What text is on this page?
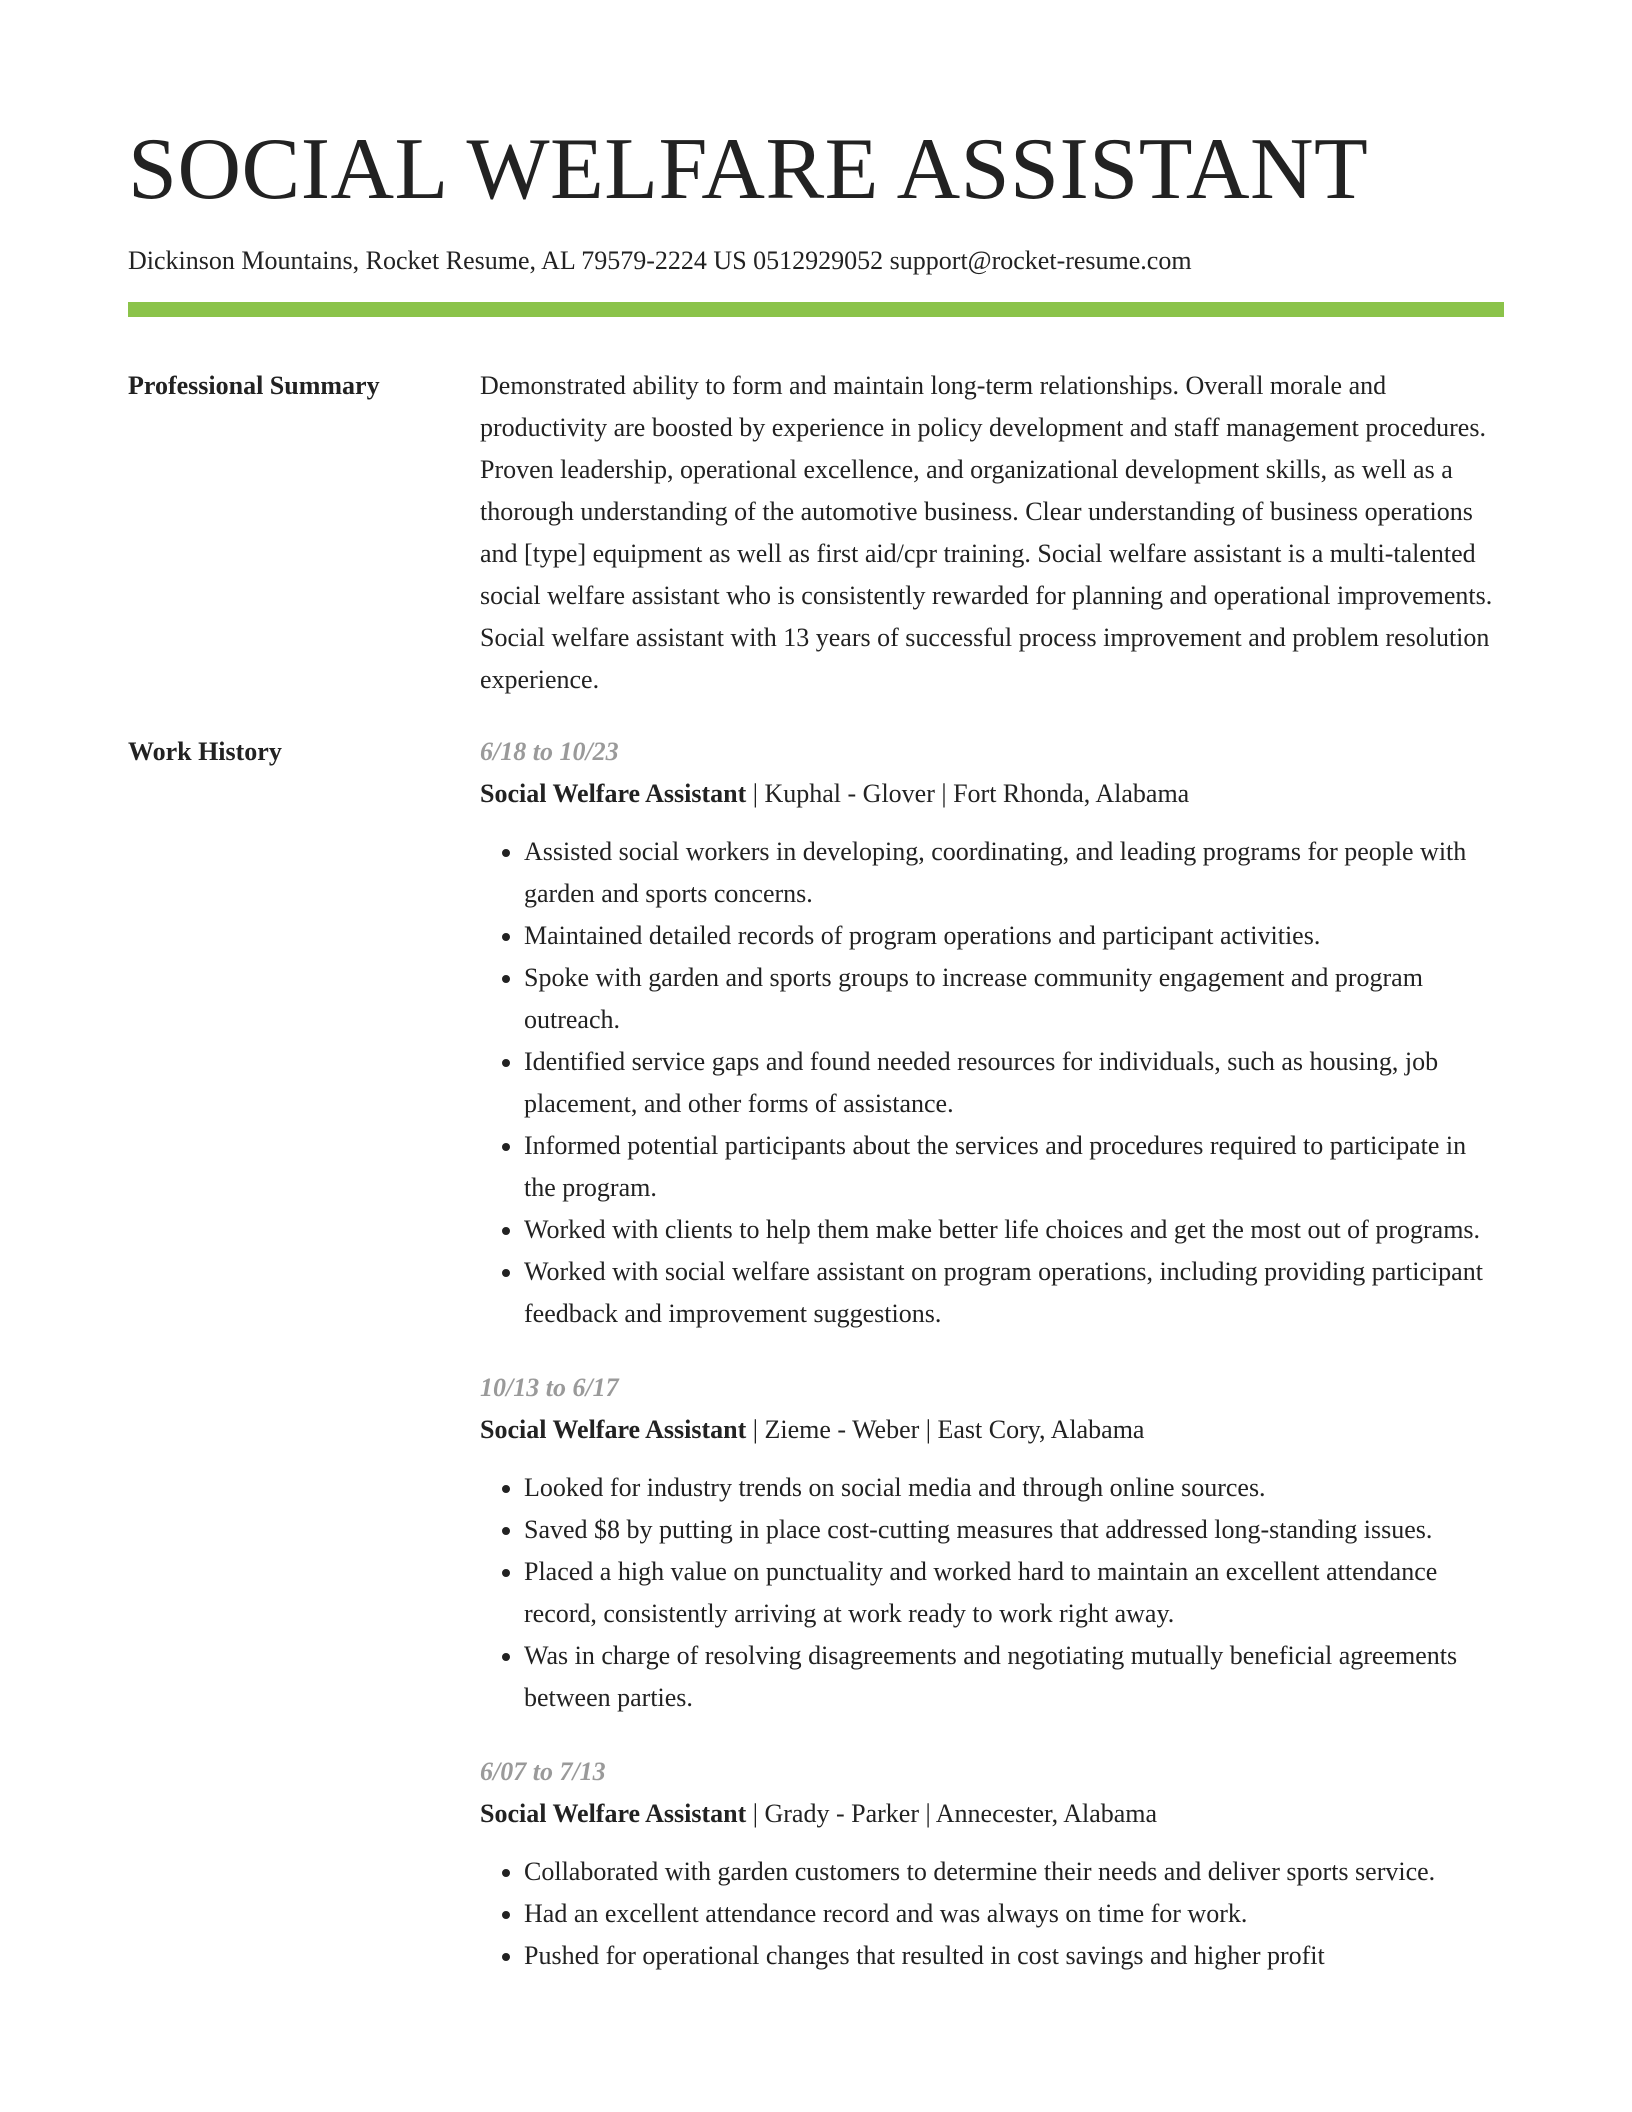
SOCIAL WELFARE ASSISTANT
Dickinson Mountains, Rocket Resume, AL 79579-2224 US 0512929052 support@rocket-resume.com
Professional Summary	Demonstrated ability to form and maintain long-term relationships. Overall morale and productivity are boosted by experience in policy development and staff management procedures. Proven leadership, operational excellence, and organizational development skills, as well as a thorough understanding of the automotive business. Clear understanding of business operations and [type] equipment as well as first aid/cpr training. Social welfare assistant is a multi-talented social welfare assistant who is consistently rewarded for planning and operational improvements. Social welfare assistant with 13 years of successful process improvement and problem resolution experience.

Work History	6/18 to 10/23
Social Welfare Assistant | Kuphal - Glover | Fort Rhonda, Alabama
• Assisted social workers in developing, coordinating, and leading programs for people with garden and sports concerns.
• Maintained detailed records of program operations and participant activities.
• Spoke with garden and sports groups to increase community engagement and program outreach.
• Identified service gaps and found needed resources for individuals, such as housing, job placement, and other forms of assistance.
• Informed potential participants about the services and procedures required to participate in the program.
• Worked with clients to help them make better life choices and get the most out of programs.
• Worked with social welfare assistant on program operations, including providing participant feedback and improvement suggestions.
10/13 to 6/17
Social Welfare Assistant | Zieme - Weber | East Cory, Alabama
• Looked for industry trends on social media and through online sources.
• Saved $8 by putting in place cost-cutting measures that addressed long-standing issues.
• Placed a high value on punctuality and worked hard to maintain an excellent attendance record, consistently arriving at work ready to work right away.
• Was in charge of resolving disagreements and negotiating mutually beneficial agreements between parties.
6/07 to 7/13
Social Welfare Assistant | Grady - Parker | Annecester, Alabama
• Collaborated with garden customers to determine their needs and deliver sports service.
• Had an excellent attendance record and was always on time for work.
• Pushed for operational changes that resulted in cost savings and higher profit
